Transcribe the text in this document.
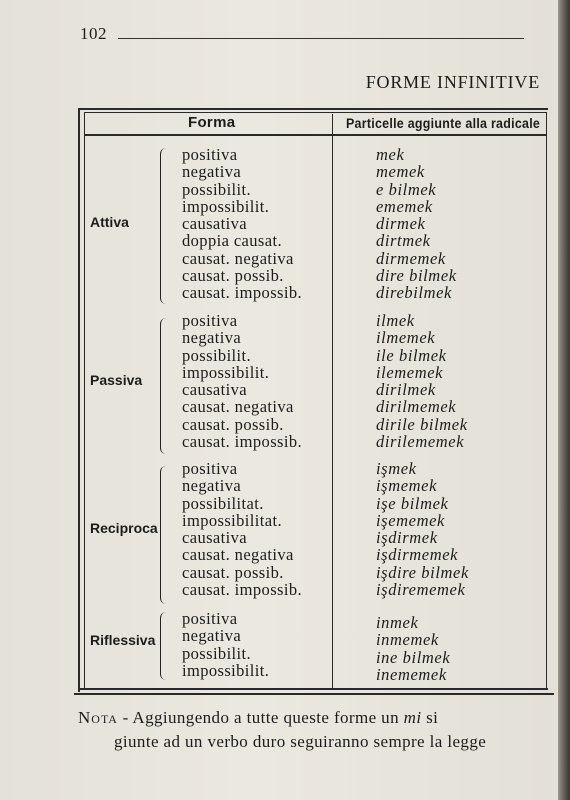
102
FORME INFINITIVE
Forma	Particelle aggiunte alla radicale
Attiva
positiva
negativa
possibilit.
impossibilit.
causativa
doppia causat.
causat. negativa
causat. possib.
causat. impossib.
mek
memek
e bilmek
ememek
dirmek
dirtmek
dirmemek
dire bilmek
direbilmek
Passiva
positiva
negativa
possibilit.
impossibilit.
causativa
causat. negativa
causat. possib.
causat. impossib.
ilmek
ilmemek
ile bilmek
ilememek
dirilmek
dirilmemek
dirile bilmek
dirilememek
Reciproca
positiva
negativa
possibilitat.
impossibilitat.
causativa
causat. negativa
causat. possib.
causat. impossib.
işmek
işmemek
işe bilmek
işememek
işdirmek
işdirmemek
işdire bilmek
işdirememek
Riflessiva
positiva
negativa
possibilit.
impossibilit.
inmek
inmemek
ine bilmek
inememek
Nota - Aggiungendo a tutte queste forme un mi si
giunte ad un verbo duro seguiranno sempre la legge
